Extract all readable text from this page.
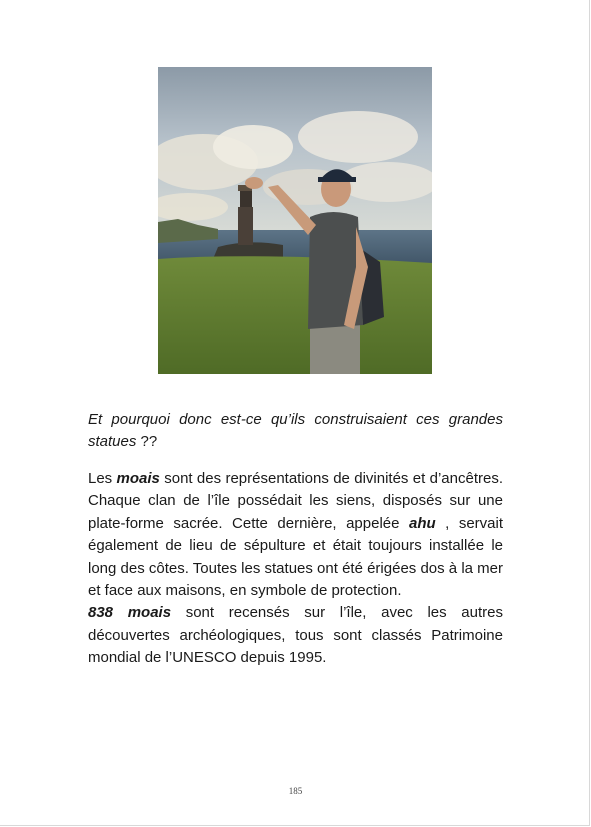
Et pourquoi donc est-ce qu’ils construisaient ces grandes statues ??

Les moais sont des représentations de divinités et d’ancêtres. Chaque clan de l’île possédait les siens, disposés sur une plate-forme sacrée. Cette dernière, appelée ahu , servait également de lieu de sépulture et était toujours installée le long des côtes. Toutes les statues ont été érigées dos à la mer et face aux maisons, en symbole de protection.

838 moais sont recensés sur l’île, avec les autres découvertes archéologiques, tous sont classés Patrimoine mondial de l’UNESCO depuis 1995.

185
